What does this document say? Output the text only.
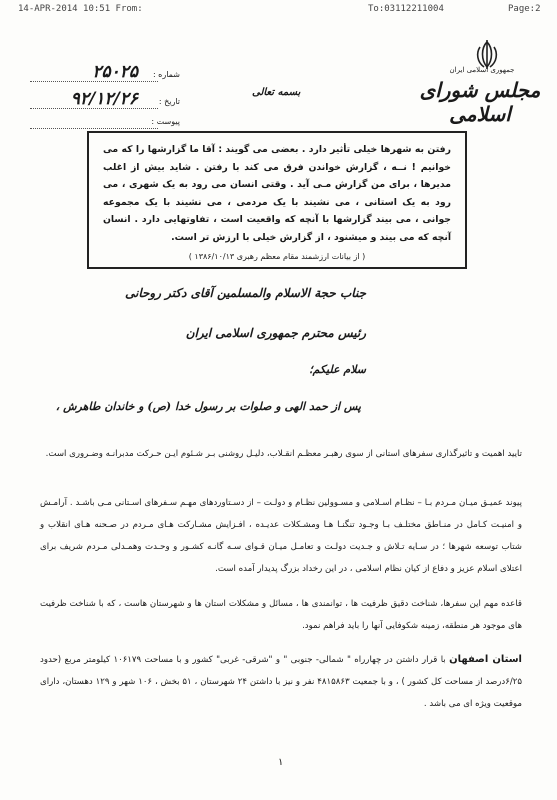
14-APR-2014 10:51 From:	To:03112211004	Page:2
جمهوری اسلامی ایران
مجلس شورای اسلامی
بسمه تعالی
شماره :
٢۵٠٢۵
تاریخ :
٩٢/١٢/٢۶
پیوست :
رفتن به شهرها خیلی تأثیر دارد . بعضی می گویند : آقا ما گزارشها را که می خوانیم ! نــه ، گزارش خواندن فرق می کند با رفتن . شاید بیش از اغلب مدیرها ، برای من گزارش مـی آید . وقتی انسان می رود به یک شهری ، می رود به یک استانی ، می نشیند با یک مردمی ، می نشیند با یک مجموعه جوانی ، می بیند گزارشها با آنچه که واقعیت است ، تفاوتهایی دارد . انسان آنچه که می بیند و میشنود ، از گزارش خیلی با ارزش تر است.
( از بیانات ارزشمند مقام معظم رهبری ١٣٨۶/١٠/١٣ )
جناب حجة الاسلام والمسلمین آقای دکتر روحانی
رئیس محترم جمهوری اسلامی ایران
سلام علیکم؛
پس از حمد الهی و صلوات بر رسول خدا (ص) و خاندان طاهرش ،
تایید اهمیت و تاثیرگذاری سفرهای استانی از سوی رهبـر معظـم انقـلاب، دلیـل روشنی بـر شـئوم ایـن حـرکت مدبرانـه وضـروری است.
پیوند عمیـق میـان مـردم بـا – نظـام اسـلامی و مسـوولین نظـام و دولـت – از دسـتاوردهای مهـم سـفرهای اسـتانی مـی باشـد . آرامـش و امنیـت کـامل در منـاطق مختلـف بـا وجـود تنگنـا هـا ومشـکلات عدیـده ، افـزایش مشـارکت هـای مـردم در صـحنه هـای انقلاب و شتاب توسعه شهرها ؛ در سـایه تـلاش و جـدیت دولـت و تعامـل میـان قـوای سـه گانـه کشـور و وحـدت وهمـدلی مـردم شریف برای اعتلای اسلام عزیز و دفاع از کیان نظام اسلامی ، در این رخداد بزرگ پدیدار آمده است.
قاعده مهم این سفرها، شناخت دقیق ظرفیت ها ، توانمندی ها ، مسائل و مشکلات استان ها و شهرستان هاست ، که با شناخت ظرفیت های موجود هر منطقه، زمینه شکوفایی آنها را باید فراهم نمود.
استان اصفهان با قرار داشتن در چهارراه " شمالی- جنوبی " و "شرقی- غربی" کشور و با مساحت ١٠۶١٧٩ کیلومتر مربع (حدود ۶/٢۵درصد از مساحت کل کشور ) ، و با جمعیت ۴٨١۵٨۶٣ نفر و نیز با داشتن ٢۴ شهرستان ، ۵١ بخش ، ١٠۶ شهر و ١٢٩ دهستان، دارای موقعیت ویژه ای می باشد .
١
